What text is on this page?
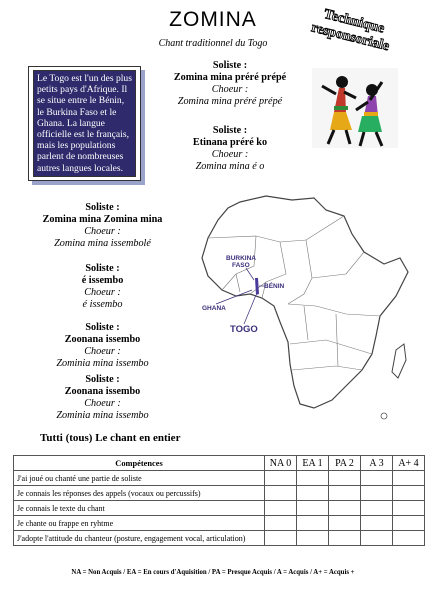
ZOMINA
Chant traditionnel du Togo
Technique responsoriale
Le Togo est l'un des plus petits pays d'Afrique. Il se situe entre le Bénin, le Burkina Faso et le Ghana. La langue officielle est le français, mais les populations parlent de nombreuses autres langues locales.
Soliste :
Zomina mina préré prépé
Choeur :
Zomina mina préré prépé
Soliste :
Etinana préré ko
Choeur :
Zomina mina é o
Soliste :
Zomina mina Zomina mina
Choeur :
Zomina mina issembolé
Soliste :
é issembo
Choeur :
é issembo
Soliste :
Zoonana issembo
Choeur :
Zominia mina issembo
Soliste :
Zoonana issembo
Choeur :
Zominia mina issembo
BURKINA
FASO
BÉNIN
GHANA
TOGO
Tutti (tous) Le chant en entier
Compétences	NA 0	EA 1	PA 2	A 3	A+ 4
J'ai joué ou chanté une partie de soliste					
Je connais les réponses des appels (vocaux ou percussifs)					
Je connais le texte du chant					
Je chante ou frappe en ryhtme					
J'adopte l'attitude du chanteur (posture, engagement vocal, articulation)					
NA = Non Acquis / EA = En cours d'Aquisition / PA = Presque Acquis / A = Acquis / A+ = Acquis +
